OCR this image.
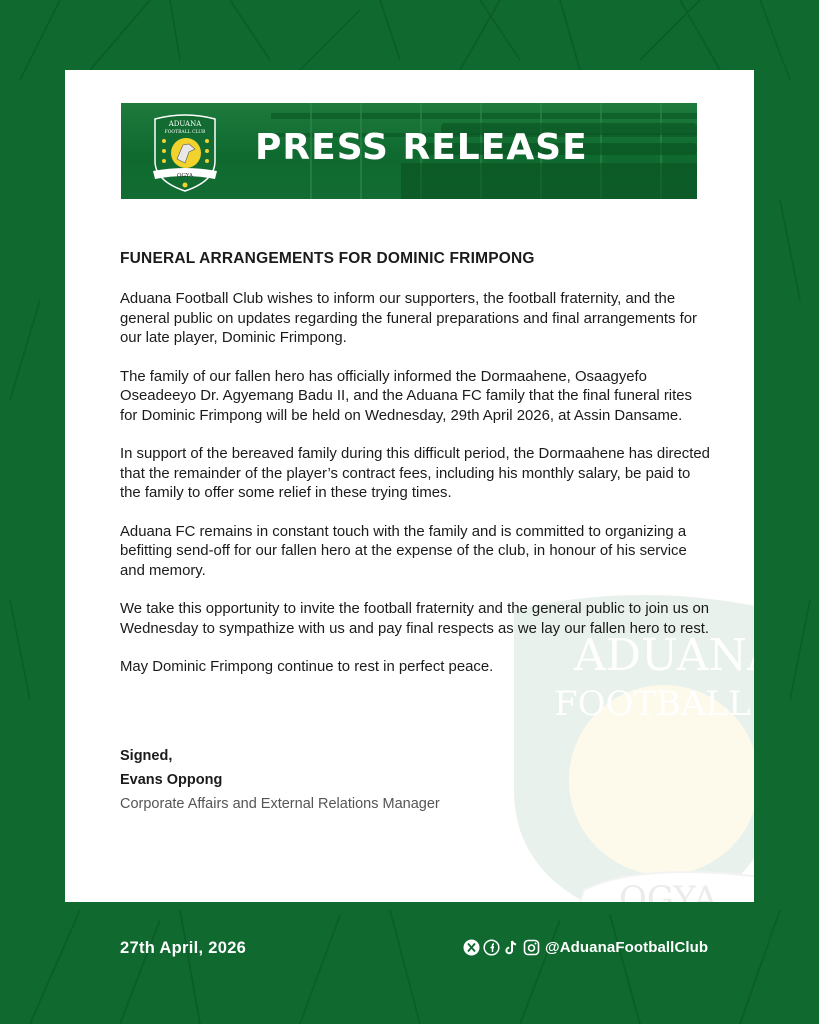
ADUANA
FOOTBALL C
OGYA
ADUANA
FOOTBALL CLUB
OGYA
PRESS RELEASE
FUNERAL ARRANGEMENTS FOR DOMINIC FRIMPONG

Aduana Football Club wishes to inform our supporters, the football fraternity, and the general public on updates regarding the funeral preparations and final arrangements for our late player, Dominic Frimpong.

The family of our fallen hero has officially informed the Dormaahene, Osaagyefo Oseadeeyo Dr. Agyemang Badu II, and the Aduana FC family that the final funeral rites for Dominic Frimpong will be held on Wednesday, 29th April 2026, at Assin Dansame.

In support of the bereaved family during this difficult period, the Dormaahene has directed that the remainder of the player’s contract fees, including his monthly salary, be paid to the family to offer some relief in these trying times.

Aduana FC remains in constant touch with the family and is committed to organizing a befitting send-off for our fallen hero at the expense of the club, in honour of his service and memory.

We take this opportunity to invite the football fraternity and the general public to join us on Wednesday to sympathize with us and pay final respects as we lay our fallen hero to rest.

May Dominic Frimpong continue to rest in perfect peace.

Signed,
Evans Oppong
Corporate Affairs and External Relations Manager
27th April, 2026	@AduanaFootballClub
